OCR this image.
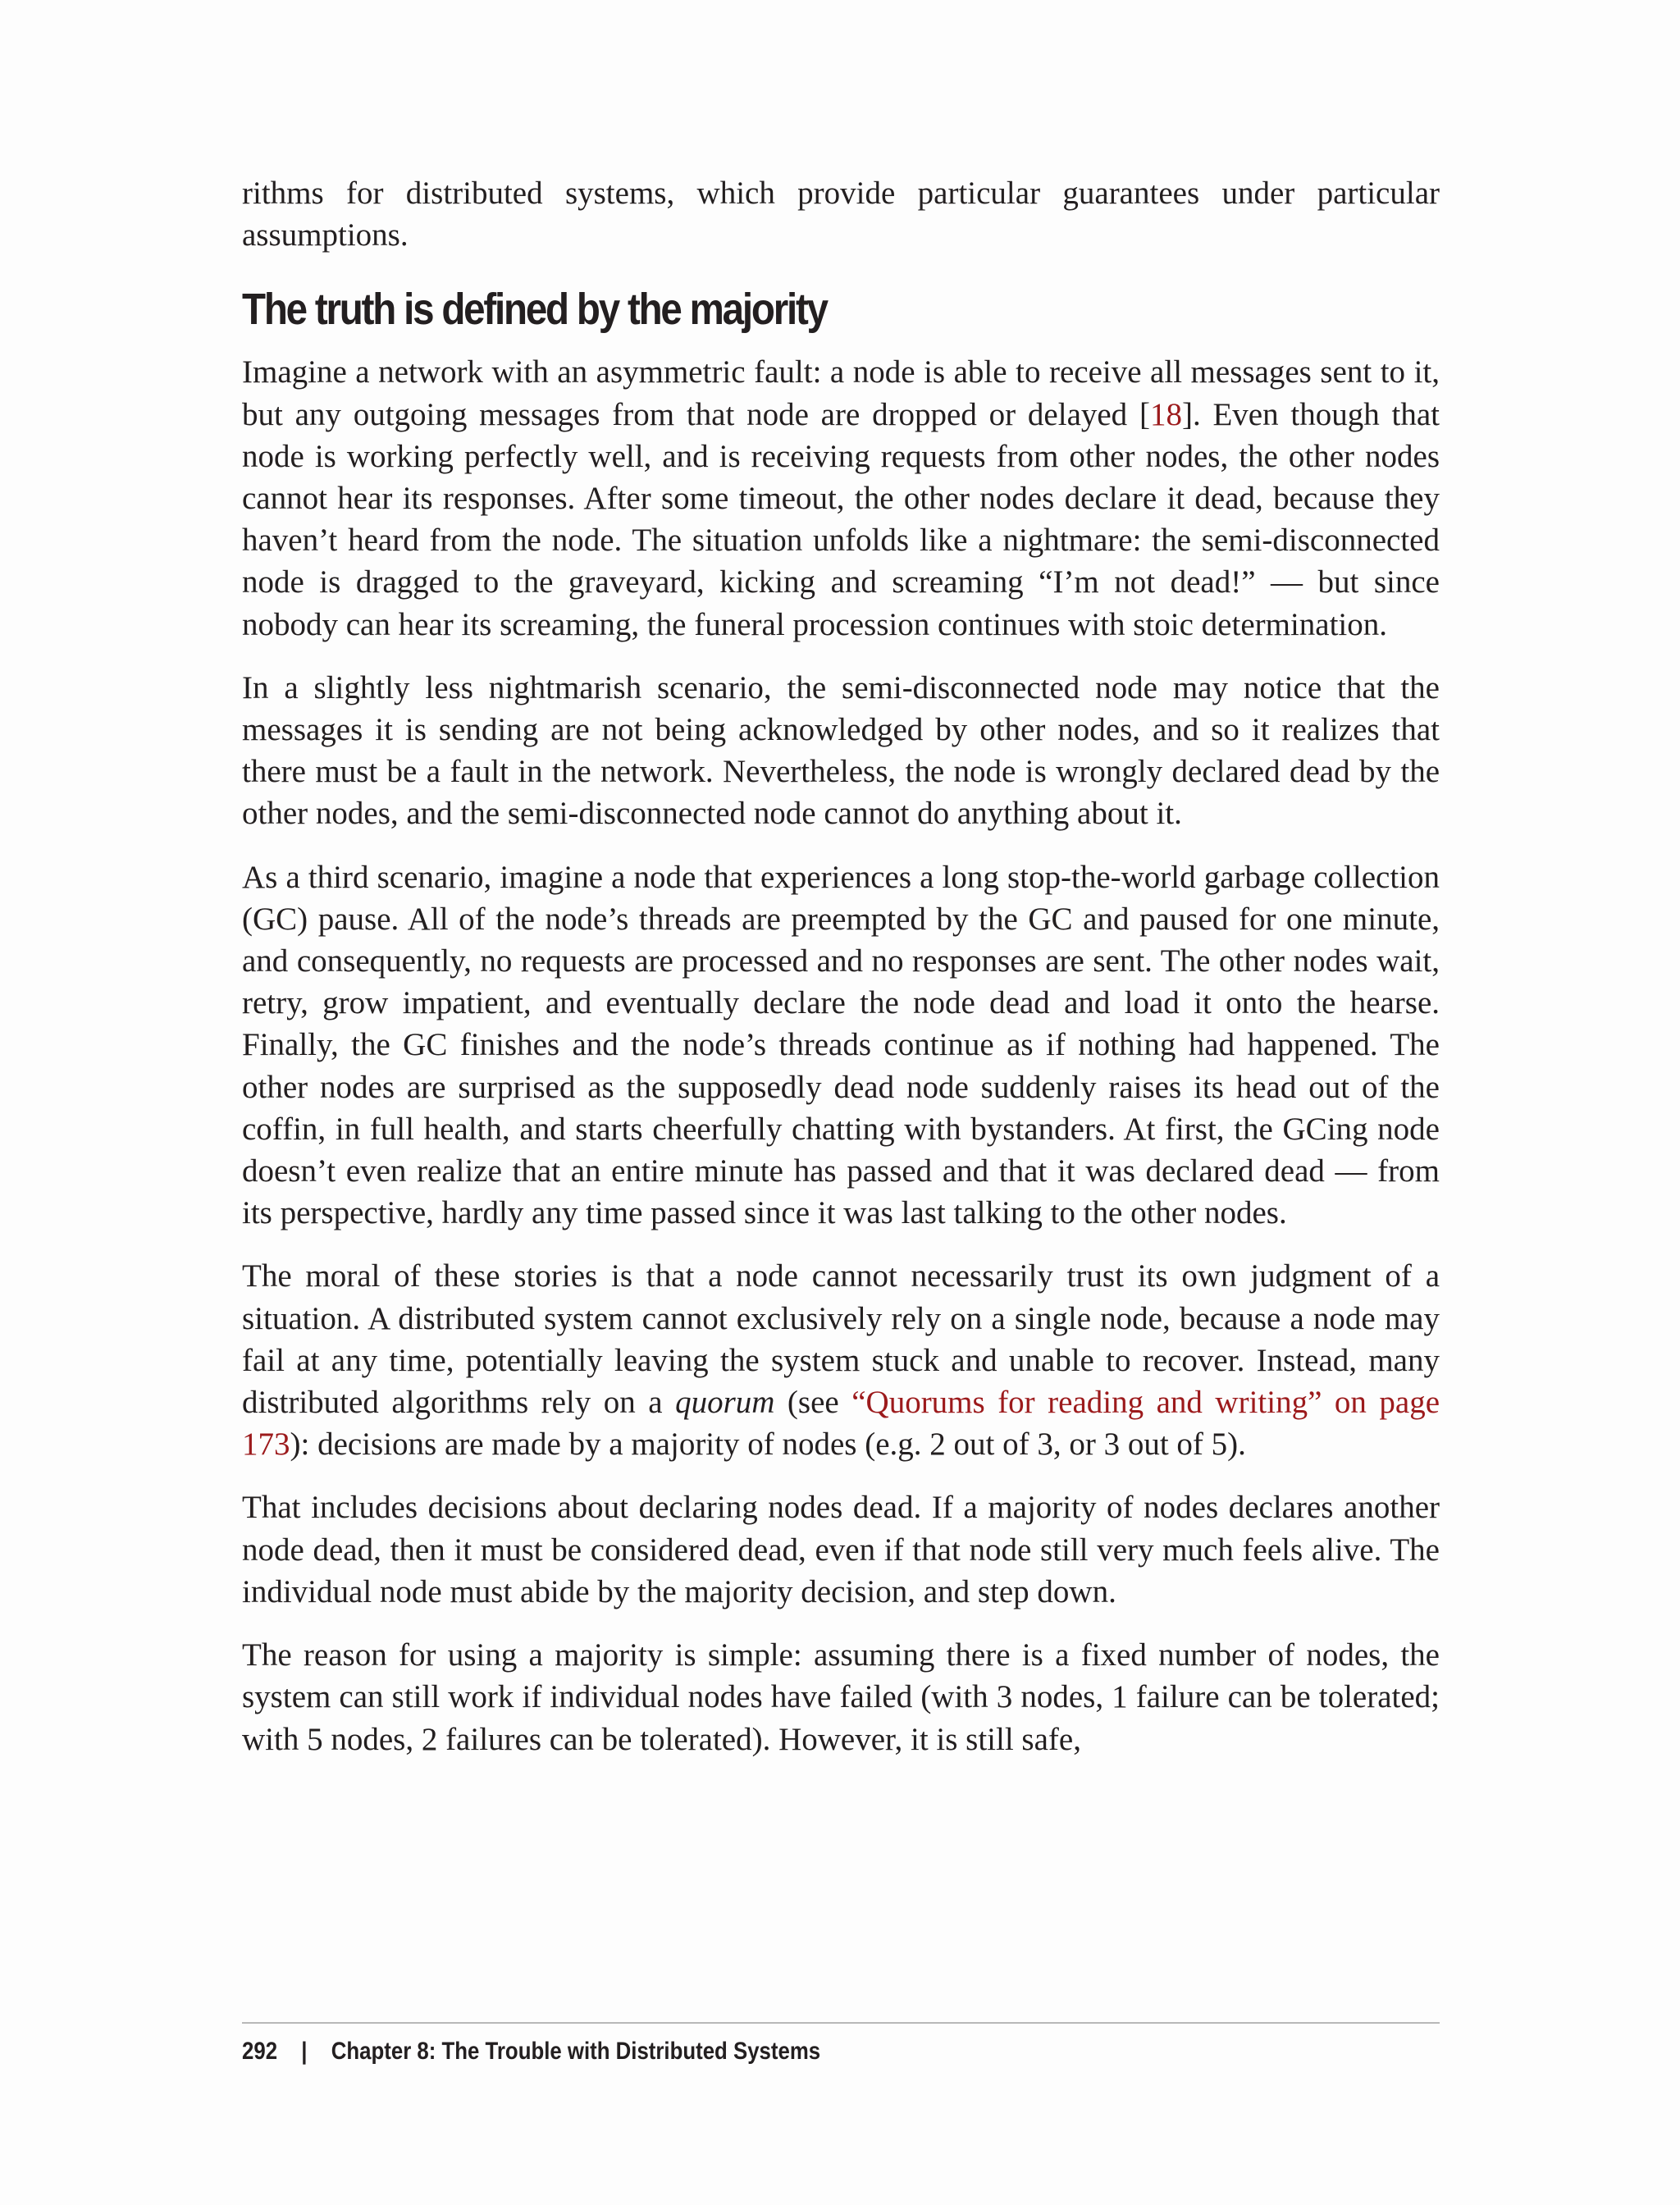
rithms for distributed systems, which provide particular guarantees under particular assumptions.

The truth is defined by the majority

Imagine a network with an asymmetric fault: a node is able to receive all messages sent to it, but any outgoing messages from that node are dropped or delayed [18]. Even though that node is working perfectly well, and is receiving requests from other nodes, the other nodes cannot hear its responses. After some timeout, the other nodes declare it dead, because they haven’t heard from the node. The situation unfolds like a nightmare: the semi-disconnected node is dragged to the graveyard, kicking and screaming “I’m not dead!” — but since nobody can hear its screaming, the funeral procession continues with stoic determination.

In a slightly less nightmarish scenario, the semi-disconnected node may notice that the messages it is sending are not being acknowledged by other nodes, and so it realizes that there must be a fault in the network. Nevertheless, the node is wrongly declared dead by the other nodes, and the semi-disconnected node cannot do anything about it.

As a third scenario, imagine a node that experiences a long stop-the-world garbage collection (GC) pause. All of the node’s threads are preempted by the GC and paused for one minute, and consequently, no requests are processed and no responses are sent. The other nodes wait, retry, grow impatient, and eventually declare the node dead and load it onto the hearse. Finally, the GC finishes and the node’s threads continue as if nothing had happened. The other nodes are surprised as the supposedly dead node suddenly raises its head out of the coffin, in full health, and starts cheerfully chatting with bystanders. At first, the GCing node doesn’t even realize that an entire minute has passed and that it was declared dead — from its perspective, hardly any time passed since it was last talking to the other nodes.

The moral of these stories is that a node cannot necessarily trust its own judgment of a situation. A distributed system cannot exclusively rely on a single node, because a node may fail at any time, potentially leaving the system stuck and unable to recover. Instead, many distributed algorithms rely on a quorum (see “Quorums for reading and writing” on page 173): decisions are made by a majority of nodes (e.g. 2 out of 3, or 3 out of 5).

That includes decisions about declaring nodes dead. If a majority of nodes declares another node dead, then it must be considered dead, even if that node still very much feels alive. The individual node must abide by the majority decision, and step down.

The reason for using a majority is simple: assuming there is a fixed number of nodes, the system can still work if individual nodes have failed (with 3 nodes, 1 failure can be tolerated; with 5 nodes, 2 failures can be tolerated). However, it is still safe,

292 | Chapter 8: The Trouble with Distributed Systems
